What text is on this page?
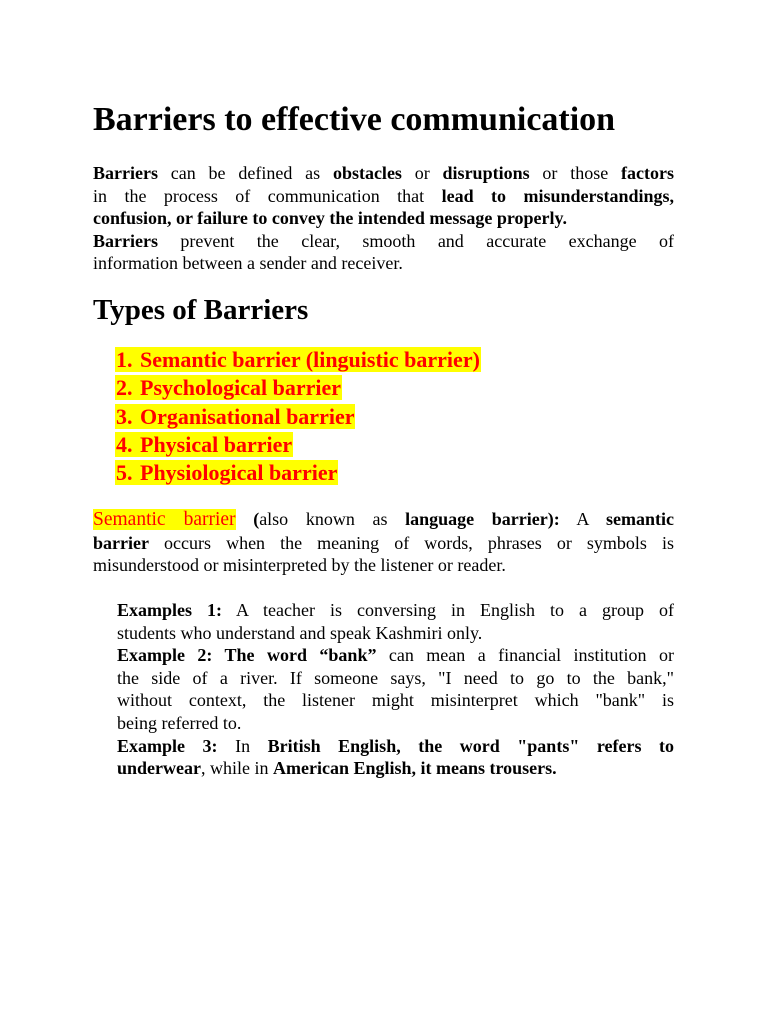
Barriers to effective communication

Barriers can be defined as obstacles or disruptions or those factors
in the process of communication that lead to misunderstandings,
confusion, or failure to convey the intended message properly.
Barriers prevent the clear, smooth and accurate exchange of
information between a sender and receiver.

Types of Barriers
1. Semantic barrier (linguistic barrier)
2. Psychological barrier
3. Organisational barrier
4. Physical barrier
5. Physiological barrier

Semantic barrier (also known as language barrier): A semantic
barrier occurs when the meaning of words, phrases or symbols is
misunderstood or misinterpreted by the listener or reader.

Examples 1: A teacher is conversing in English to a group of
students who understand and speak Kashmiri only.
Example 2: The word “bank” can mean a financial institution or
the side of a river. If someone says, "I need to go to the bank,"
without context, the listener might misinterpret which "bank" is
being referred to.
Example 3: In British English, the word "pants" refers to
underwear, while in American English, it means trousers.
